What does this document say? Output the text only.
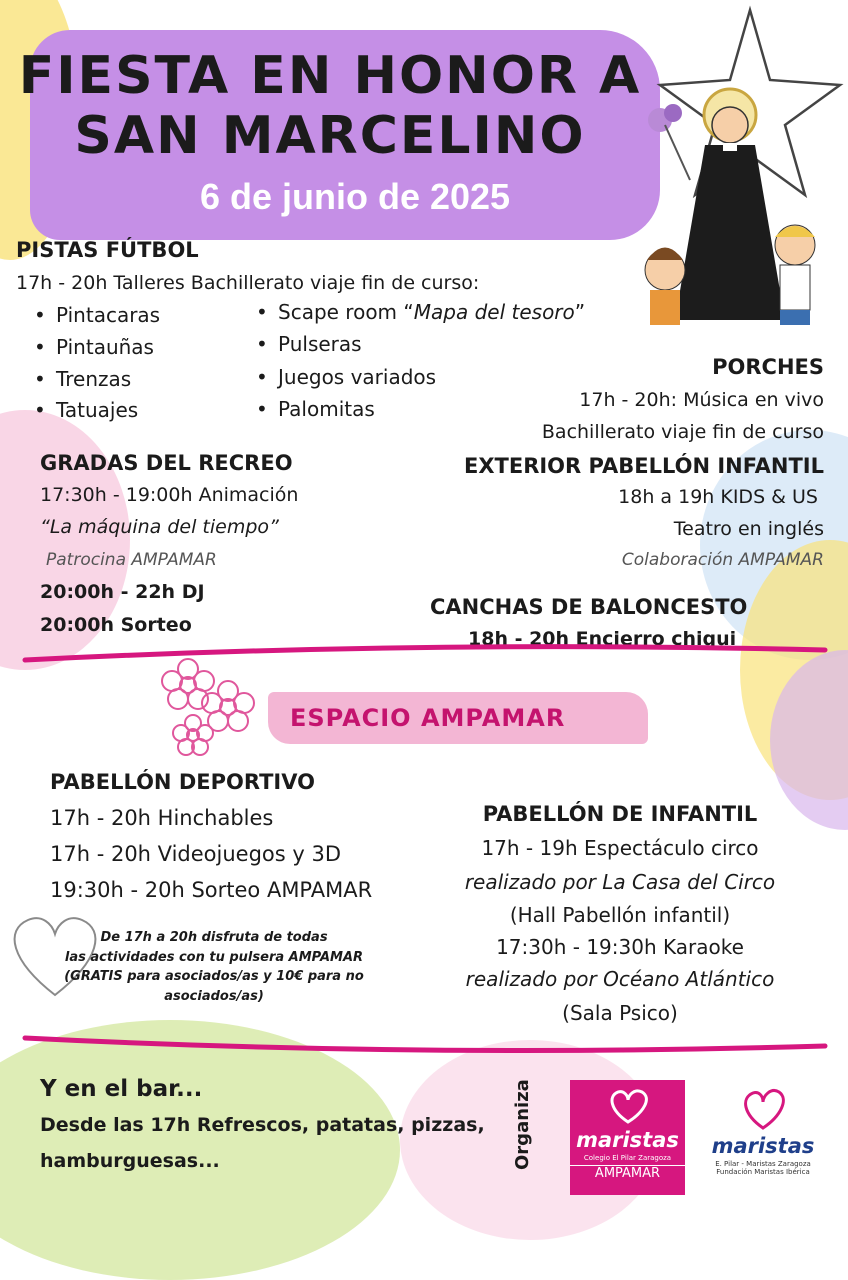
FIESTA EN HONOR A
SAN MARCELINO
6 de junio de 2025
PISTAS FÚTBOL
17h - 20h Talleres Bachillerato viaje fin de curso:
• Pintacaras
• Pintauñas
• Trenzas
• Tatuajes
• Scape room “Mapa del tesoro”
• Pulseras
• Juegos variados
• Palomitas
PORCHES
17h - 20h: Música en vivo
Bachillerato viaje fin de curso
GRADAS DEL RECREO
17:30h - 19:00h Animación
“La máquina del tiempo”
Patrocina AMPAMAR
20:00h - 22h DJ
20:00h Sorteo
EXTERIOR PABELLÓN INFANTIL
18h a 19h KIDS & US
Teatro en inglés
Colaboración AMPAMAR
CANCHAS DE BALONCESTO
18h - 20h Encierro chiqui
ESPACIO AMPAMAR
PABELLÓN DEPORTIVO
17h - 20h Hinchables
17h - 20h Videojuegos y 3D
19:30h - 20h Sorteo AMPAMAR
De 17h a 20h disfruta de todas
las actividades con tu pulsera AMPAMAR
(GRATIS para asociados/as y 10€ para no asociados/as)
PABELLÓN DE INFANTIL
17h - 19h Espectáculo circo
realizado por La Casa del Circo
(Hall Pabellón infantil)
17:30h - 19:30h Karaoke
realizado por Océano Atlántico
(Sala Psico)
Y en el bar...
Desde las 17h Refrescos, patatas, pizzas,
hamburguesas...	Organiza maristas
Colegio El Pilar Zaragoza
AMPAMAR
maristas
E. Pilar - Maristas Zaragoza
Fundación Maristas Ibérica
